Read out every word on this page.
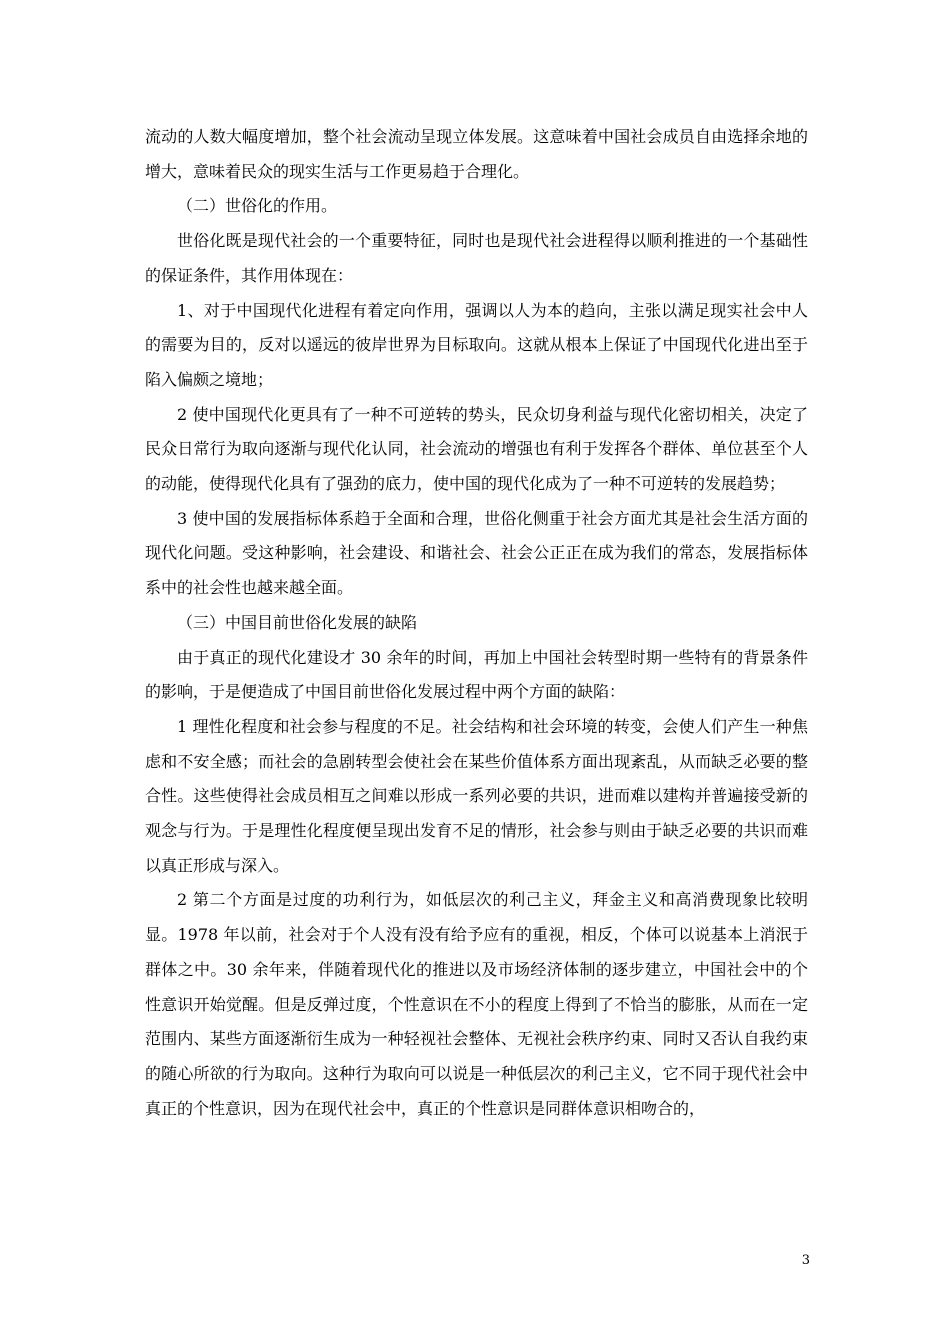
流动的人数大幅度增加，整个社会流动呈现立体发展。这意味着中国社会成员自由选择余地的增大，意味着民众的现实生活与工作更易趋于合理化。

（二）世俗化的作用。

世俗化既是现代社会的一个重要特征，同时也是现代社会进程得以顺利推进的一个基础性的保证条件，其作用体现在：

1、对于中国现代化进程有着定向作用，强调以人为本的趋向，主张以满足现实社会中人的需要为目的，反对以遥远的彼岸世界为目标取向。这就从根本上保证了中国现代化进出至于陷入偏颇之境地；

2 使中国现代化更具有了一种不可逆转的势头，民众切身利益与现代化密切相关，决定了民众日常行为取向逐渐与现代化认同，社会流动的增强也有利于发挥各个群体、单位甚至个人的动能，使得现代化具有了强劲的底力，使中国的现代化成为了一种不可逆转的发展趋势；

3 使中国的发展指标体系趋于全面和合理，世俗化侧重于社会方面尤其是社会生活方面的现代化问题。受这种影响，社会建设、和谐社会、社会公正正在成为我们的常态，发展指标体系中的社会性也越来越全面。

（三）中国目前世俗化发展的缺陷

由于真正的现代化建设才 30 余年的时间，再加上中国社会转型时期一些特有的背景条件的影响，于是便造成了中国目前世俗化发展过程中两个方面的缺陷：

1 理性化程度和社会参与程度的不足。社会结构和社会环境的转变，会使人们产生一种焦虑和不安全感；而社会的急剧转型会使社会在某些价值体系方面出现紊乱，从而缺乏必要的整合性。这些使得社会成员相互之间难以形成一系列必要的共识，进而难以建构并普遍接受新的观念与行为。于是理性化程度便呈现出发育不足的情形，社会参与则由于缺乏必要的共识而难以真正形成与深入。

2 第二个方面是过度的功利行为，如低层次的利己主义，拜金主义和高消费现象比较明显。1978 年以前，社会对于个人没有没有给予应有的重视，相反，个体可以说基本上消泯于群体之中。30 余年来，伴随着现代化的推进以及市场经济体制的逐步建立，中国社会中的个性意识开始觉醒。但是反弹过度，个性意识在不小的程度上得到了不恰当的膨胀，从而在一定范围内、某些方面逐渐衍生成为一种轻视社会整体、无视社会秩序约束、同时又否认自我约束的随心所欲的行为取向。这种行为取向可以说是一种低层次的利己主义，它不同于现代社会中真正的个性意识，因为在现代社会中，真正的个性意识是同群体意识相吻合的，

3
